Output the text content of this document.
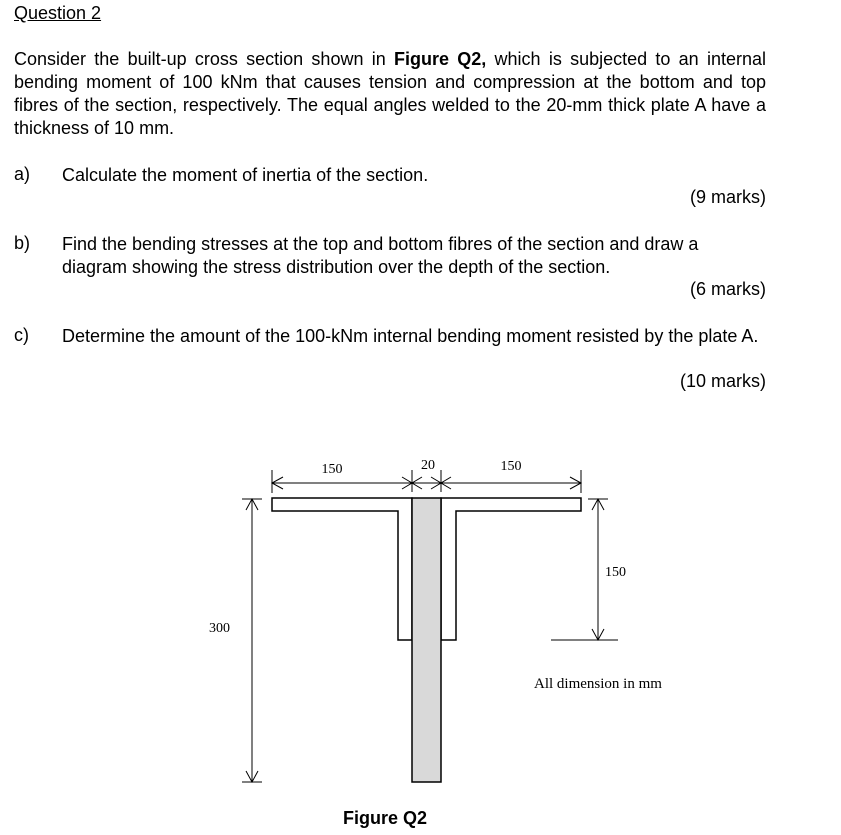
Question 2
Consider the built-up cross section shown in Figure Q2, which is subjected to an internal bending moment of 100 kNm that causes tension and compression at the bottom and top fibres of the section, respectively. The equal angles welded to the 20-mm thick plate A have a thickness of 10 mm.
a) Calculate the moment of inertia of the section.
(9 marks)
b) Find the bending stresses at the top and bottom fibres of the section and draw a diagram showing the stress distribution over the depth of the section.
(6 marks)
c) Determine the amount of the 100-kNm internal bending moment resisted by the plate A.
(10 marks)
150	20	150
150
300
All dimension in mm
Figure Q2
